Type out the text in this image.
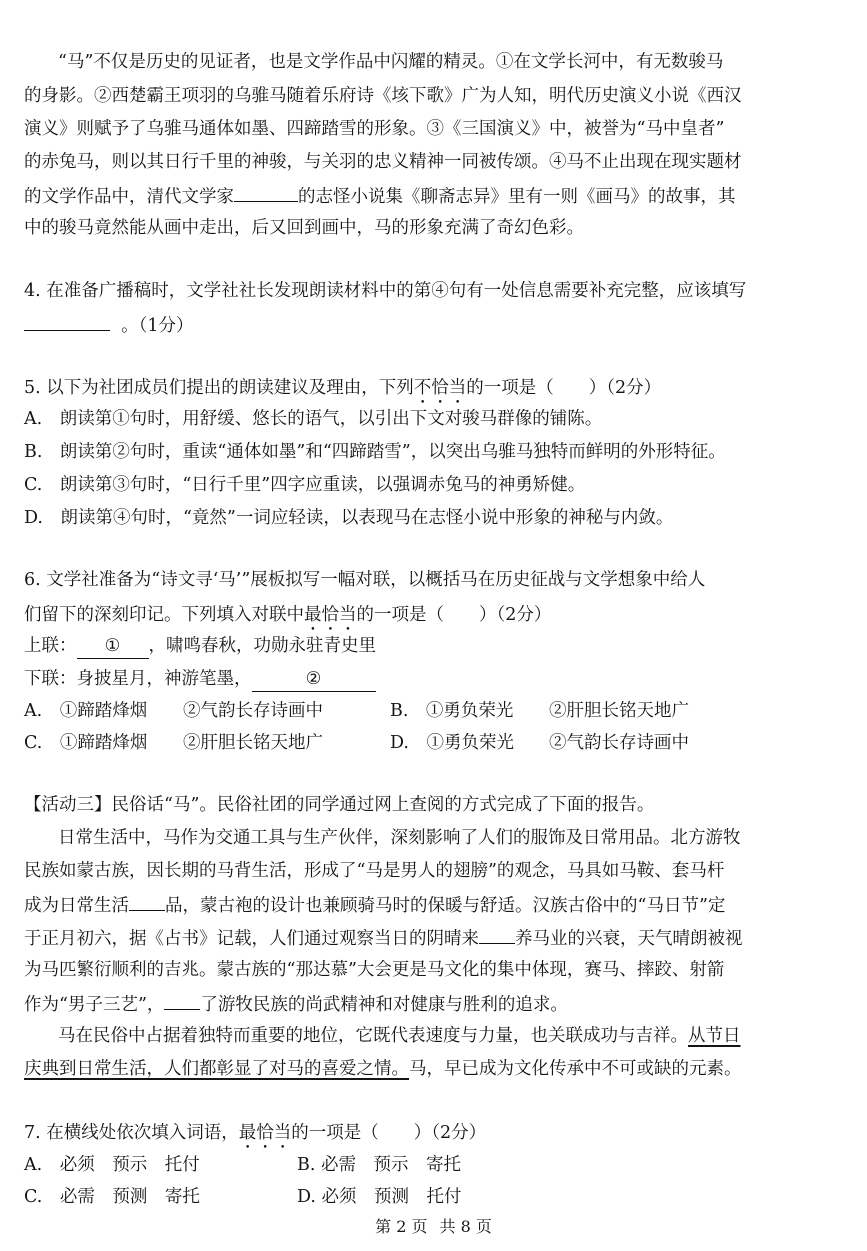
“马”不仅是历史的见证者，也是文学作品中闪耀的精灵。①在文学长河中，有无数骏马
的身影。②西楚霸王项羽的乌骓马随着乐府诗《垓下歌》广为人知，明代历史演义小说《西汉
演义》则赋予了乌骓马通体如墨、四蹄踏雪的形象。③《三国演义》中，被誉为“马中皇者”
的赤兔马，则以其日行千里的神骏，与关羽的忠义精神一同被传颂。④马不止出现在现实题材
的文学作品中，清代文学家	的志怪小说集《聊斋志异》里有一则《画马》的故事，其
中的骏马竟然能从画中走出，后又回到画中，马的形象充满了奇幻色彩。
4. 在准备广播稿时，文学社社长发现朗读材料中的第④句有一处信息需要补充完整，应该填写
。（1分）
5. 以下为社团成员们提出的朗读建议及理由，下列不恰当的一项是（　　）（2分）
A.　朗读第①句时，用舒缓、悠长的语气，以引出下文对骏马群像的铺陈。
B.　朗读第②句时，重读“通体如墨”和“四蹄踏雪”，以突出乌骓马独特而鲜明的外形特征。
C.　朗读第③句时，“日行千里”四字应重读，以强调赤兔马的神勇矫健。
D.　朗读第④句时，“竟然”一词应轻读，以表现马在志怪小说中形象的神秘与内敛。
6. 文学社准备为“诗文寻‘马’”展板拟写一幅对联，以概括马在历史征战与文学想象中给人
们留下的深刻印记。下列填入对联中最恰当的一项是（　　）（2分）
上联： ① ，啸鸣春秋，功勋永驻青史里
下联：身披星月，神游笔墨，	②
A.　①蹄踏烽烟 ②气韵长存诗画中	B.　①勇负荣光 ②肝胆长铭天地广
C.　①蹄踏烽烟 ②肝胆长铭天地广	D.　①勇负荣光 ②气韵长存诗画中
【活动三】民俗话“马”。民俗社团的同学通过网上查阅的方式完成了下面的报告。
日常生活中，马作为交通工具与生产伙伴，深刻影响了人们的服饰及日常用品。北方游牧
民族如蒙古族，因长期的马背生活，形成了“马是男人的翅膀”的观念，马具如马鞍、套马杆
成为日常生活 品，蒙古袍的设计也兼顾骑马时的保暖与舒适。汉族古俗中的“马日节”定
于正月初六，据《占书》记载，人们通过观察当日的阴晴来 养马业的兴衰，天气晴朗被视
为马匹繁衍顺利的吉兆。蒙古族的“那达慕”大会更是马文化的集中体现，赛马、摔跤、射箭
作为“男子三艺”， 了游牧民族的尚武精神和对健康与胜利的追求。
马在民俗中占据着独特而重要的地位，它既代表速度与力量，也关联成功与吉祥。从节日
庆典到日常生活，人们都彰显了对马的喜爱之情。马，早已成为文化传承中不可或缺的元素。
7. 在横线处依次填入词语，最恰当的一项是（　　）（2分）
A.　必须　预示　托付	B. 必需　预示　寄托
C.　必需　预测　寄托	D. 必须　预测　托付
第 2 页 共 8 页
